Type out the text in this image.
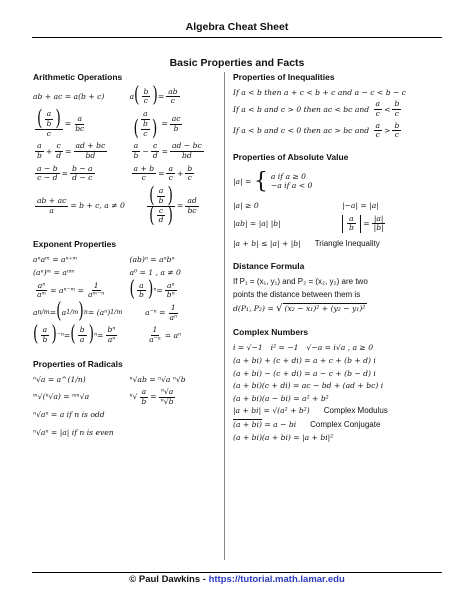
Algebra Cheat Sheet
Basic Properties and Facts
Arithmetic Operations
ab + ac = a(b + c)	a ( $\frac{b}{c}$ ) = $\frac{ab}{c}$
$\frac{( \frac{a}{b} )}{c} = \frac{a}{bc}$	$\frac{a}{( \frac{b}{c} )} = \frac{ac}{b}$
$\frac{a}{b} + \frac{c}{d} = \frac{ad + bc}{bd}$	$\frac{a}{b} - \frac{c}{d} = \frac{ad - bc}{bd}$
$\frac{a - b}{c - d} = \frac{b - a}{d - c}$	$\frac{a + b}{c} = \frac{a}{c} + \frac{b}{c}$
$\frac{ab + ac}{a} = b + c$, $a \ne 0 \frac{( \frac{a}{b} )}{( \frac{c}{d} )} = \frac{ad}{bc}$
Exponent Properties
aⁿaᵐ = aⁿ⁺ᵐ	(ab)ⁿ = aⁿbⁿ
(aⁿ)ᵐ = aⁿᵐ	a⁰ = 1 , a ≠ 0
$\frac{\text{aⁿ}}{\text{aᵐ}}$ = aⁿ⁻ᵐ = $\frac{1}{\text{aᵐ⁻ⁿ}}$ ( $\frac{a}{b}$ ) $^n= \frac{\text{aⁿ}}{\text{bⁿ}}$
a n/m = ( a 1/m ) n = (aⁿ) 1/m	$a^{-n} = \frac{1}{\text{aⁿ}}$
( $\frac{a}{b}$ ) ⁻ⁿ= ( $\frac{b}{a}$ ) $^n= \frac{\text{bⁿ}}{\text{aⁿ}}$	$\frac{1}{\text{a⁻ⁿ}} = a^n$
Properties of Radicals
ⁿ√a = a^(1/n)	ⁿ√ab = ⁿ√a ⁿ√b
ᵐ√(ⁿ√a) = ⁿᵐ√a	$^n√ \frac{a}{b} = \frac{\text{ⁿ√a}}{\text{ⁿ√b}}$
ⁿ√aⁿ = a if n is odd
ⁿ√aⁿ = |a| if n is even
Properties of Inequalities
If a < b then a + c < b + c and a − c < b − c
If a < b and c > 0 then ac < bc and
$\frac{a}{c} < \frac{b}{c}$
If a < b and c < 0 then ac > bc and
$\frac{a}{c} > \frac{b}{c}$
Properties of Absolute Value
|a| = { a if a ≥ 0
−a if a < 0
|a| ≥ 0	|−a| = |a|
|ab| = |a| |b|	$\frac{a}{b} = \frac{|a|}{|b|}$
|a + b| ≤ |a| + |b| Triangle Inequality
Distance Formula
If P₁ = (x₁, y₁) and P₂ = (x₂, y₂) are two
points the distance between them is
d(P₁, P₂) =
√ (x₂ − x₁)² + (y₂ − y₁)²
Complex Numbers
i = √−1 i² = −1 √−a = i√a , a ≥ 0
(a + bi) + (c + di) = a + c + (b + d) i
(a + bi) − (c + di) = a − c + (b − d) i
(a + bi)(c + di) = ac − bd + (ad + bc) i
(a + bi)(a − bi) = a² + b²
|a + bi| = √(a² + b²) Complex Modulus
(a + bi) = a − bi Complex Conjugate
(a + bi)(a + bi) = |a + bi|²
© Paul Dawkins - https://tutorial.math.lamar.edu
